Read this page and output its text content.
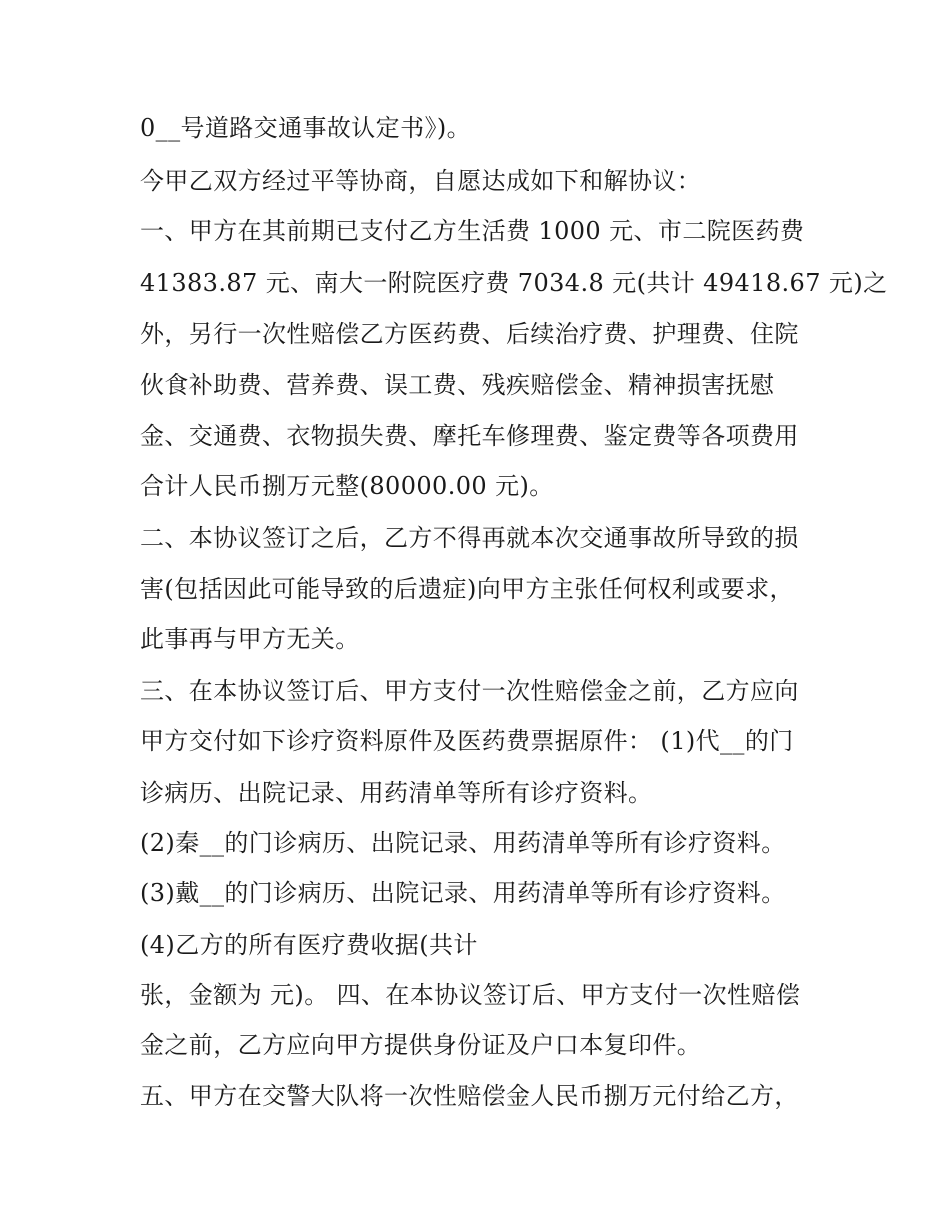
0__号道路交通事故认定书》)。
今甲乙双方经过平等协商，自愿达成如下和解协议：
一、甲方在其前期已支付乙方生活费 1000 元、市二院医药费
41383.87 元、南大一附院医疗费 7034.8 元(共计 49418.67 元)之
外，另行一次性赔偿乙方医药费、后续治疗费、护理费、住院
伙食补助费、营养费、误工费、残疾赔偿金、精神损害抚慰
金、交通费、衣物损失费、摩托车修理费、鉴定费等各项费用
合计人民币捌万元整(80000.00 元)。
二、本协议签订之后，乙方不得再就本次交通事故所导致的损
害(包括因此可能导致的后遗症)向甲方主张任何权利或要求，
此事再与甲方无关。
三、在本协议签订后、甲方支付一次性赔偿金之前，乙方应向
甲方交付如下诊疗资料原件及医药费票据原件： (1)代__的门
诊病历、出院记录、用药清单等所有诊疗资料。
(2)秦__的门诊病历、出院记录、用药清单等所有诊疗资料。
(3)戴__的门诊病历、出院记录、用药清单等所有诊疗资料。
(4)乙方的所有医疗费收据(共计
张，金额为 元)。 四、在本协议签订后、甲方支付一次性赔偿
金之前，乙方应向甲方提供身份证及户口本复印件。
五、甲方在交警大队将一次性赔偿金人民币捌万元付给乙方，
